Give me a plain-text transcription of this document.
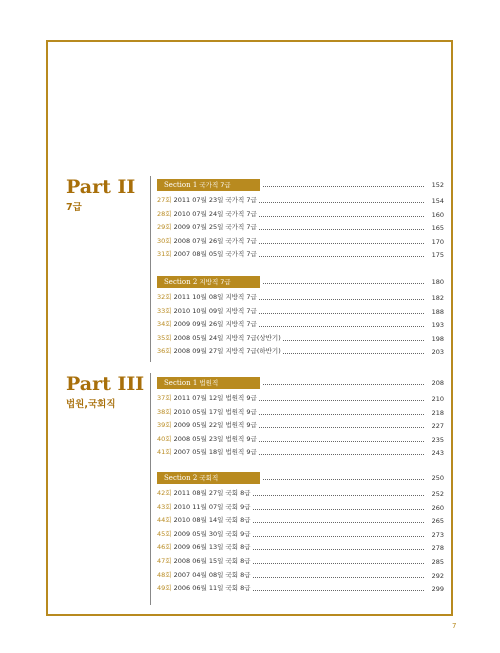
Part II
7급
Section 1 국가직 7급	152
27회 2011 07월 23일 국가직 7급	154
28회 2010 07월 24일 국가직 7급	160
29회 2009 07월 25일 국가직 7급	165
30회 2008 07월 26일 국가직 7급	170
31회 2007 08월 05일 국가직 7급	175
Section 2 지방직 7급	180
32회 2011 10월 08일 지방직 7급	182
33회 2010 10월 09일 지방직 7급	188
34회 2009 09월 26일 지방직 7급	193
35회 2008 05월 24일 지방직 7급(상반기)	198
36회 2008 09월 27일 지방직 7급(하반기)	203
Part III
법원,국회직
Section 1 법원직	208
37회 2011 07월 12일 법원직 9급	210
38회 2010 05월 17일 법원직 9급	218
39회 2009 05월 22일 법원직 9급	227
40회 2008 05월 23일 법원직 9급	235
41회 2007 05월 18일 법원직 9급	243
Section 2 국회직	250
42회 2011 08월 27일 국회 8급	252
43회 2010 11월 07일 국회 9급	260
44회 2010 08월 14일 국회 8급	265
45회 2009 05월 30일 국회 9급	273
46회 2009 06월 13일 국회 8급	278
47회 2008 06월 15일 국회 8급	285
48회 2007 04월 08일 국회 8급	292
49회 2006 06월 11일 국회 8급	299
7
